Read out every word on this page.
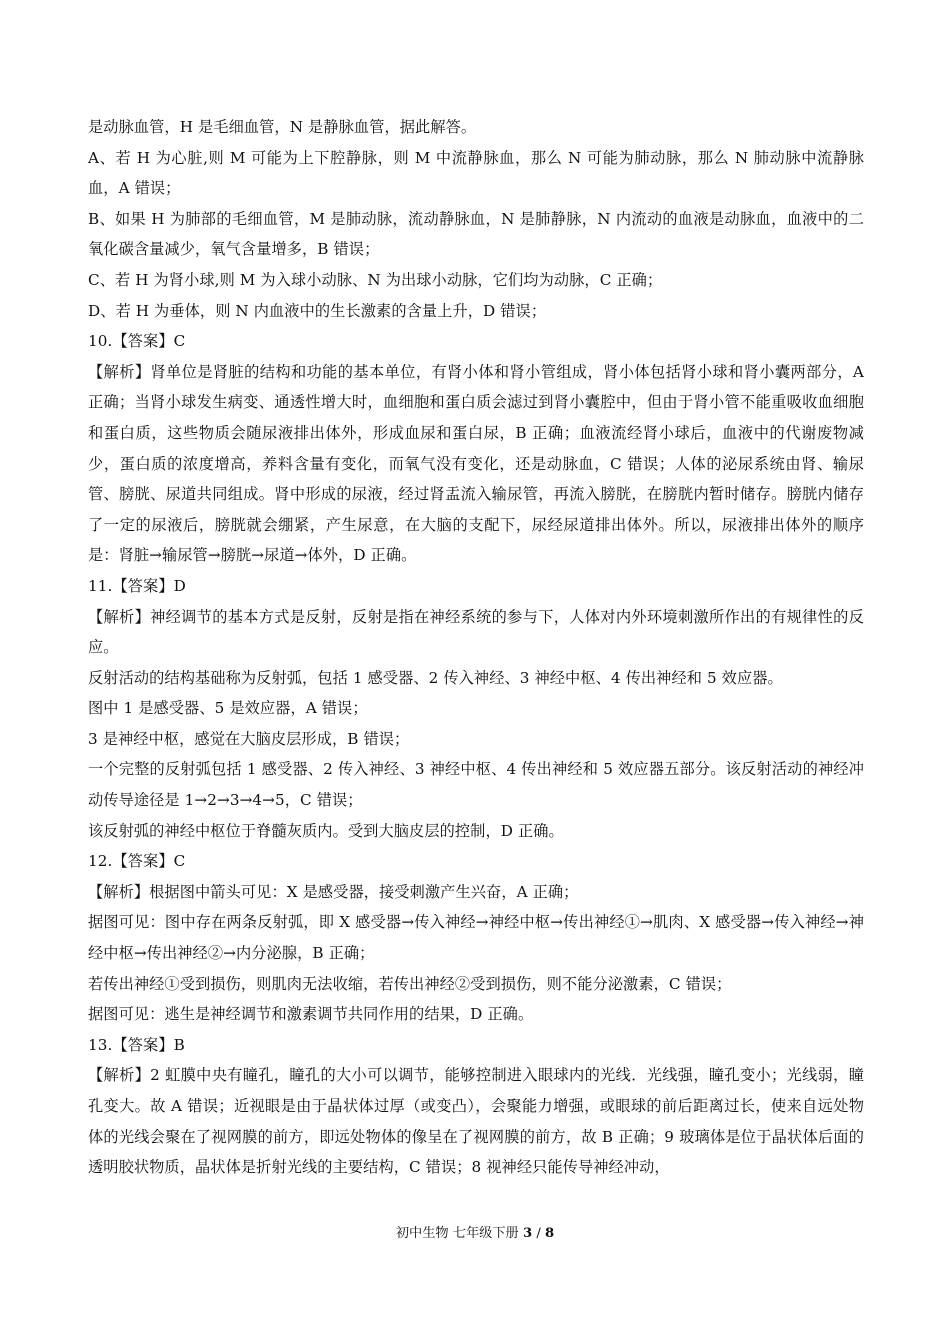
是动脉血管，H 是毛细血管，N 是静脉血管，据此解答。

A、若 H 为心脏,则 M 可能为上下腔静脉，则 M 中流静脉血，那么 N 可能为肺动脉，那么 N 肺动脉中流静脉血，A 错误；

B、如果 H 为肺部的毛细血管，M 是肺动脉，流动静脉血，N 是肺静脉，N 内流动的血液是动脉血，血液中的二氧化碳含量减少，氧气含量增多，B 错误；

C、若 H 为肾小球,则 M 为入球小动脉、N 为出球小动脉，它们均为动脉，C 正确；

D、若 H 为垂体，则 N 内血液中的生长激素的含量上升，D 错误；

10.【答案】C

【解析】肾单位是肾脏的结构和功能的基本单位，有肾小体和肾小管组成，肾小体包括肾小球和肾小囊两部分，A 正确；当肾小球发生病变、通透性增大时，血细胞和蛋白质会滤过到肾小囊腔中，但由于肾小管不能重吸收血细胞和蛋白质，这些物质会随尿液排出体外，形成血尿和蛋白尿，B 正确；血液流经肾小球后，血液中的代谢废物减少，蛋白质的浓度增高，养料含量有变化，而氧气没有变化，还是动脉血，C 错误；人体的泌尿系统由肾、输尿管、膀胱、尿道共同组成。肾中形成的尿液，经过肾盂流入输尿管，再流入膀胱，在膀胱内暂时储存。膀胱内储存了一定的尿液后，膀胱就会绷紧，产生尿意，在大脑的支配下，尿经尿道排出体外。所以，尿液排出体外的顺序是：肾脏→输尿管→膀胱→尿道→体外，D 正确。

11.【答案】D

【解析】神经调节的基本方式是反射，反射是指在神经系统的参与下，人体对内外环境刺激所作出的有规律性的反应。

反射活动的结构基础称为反射弧，包括 1 感受器、2 传入神经、3 神经中枢、4 传出神经和 5 效应器。

图中 1 是感受器、5 是效应器，A 错误；

3 是神经中枢，感觉在大脑皮层形成，B 错误；

一个完整的反射弧包括 1 感受器、2 传入神经、3 神经中枢、4 传出神经和 5 效应器五部分。该反射活动的神经冲动传导途径是 1→2→3→4→5，C 错误；

该反射弧的神经中枢位于脊髓灰质内。受到大脑皮层的控制，D 正确。

12.【答案】C

【解析】根据图中箭头可见：X 是感受器，接受刺激产生兴奋，A 正确；

据图可见：图中存在两条反射弧，即 X 感受器→传入神经→神经中枢→传出神经①→肌肉、X 感受器→传入神经→神经中枢→传出神经②→内分泌腺，B 正确；

若传出神经①受到损伤，则肌肉无法收缩，若传出神经②受到损伤，则不能分泌激素，C 错误；

据图可见：逃生是神经调节和激素调节共同作用的结果，D 正确。

13.【答案】B

【解析】2 虹膜中央有瞳孔，瞳孔的大小可以调节，能够控制进入眼球内的光线．光线强，瞳孔变小；光线弱，瞳孔变大。故 A 错误；近视眼是由于晶状体过厚（或变凸），会聚能力增强，或眼球的前后距离过长，使来自远处物体的光线会聚在了视网膜的前方，即远处物体的像呈在了视网膜的前方，故 B 正确；9 玻璃体是位于晶状体后面的透明胶状物质，晶状体是折射光线的主要结构，C 错误；8 视神经只能传导神经冲动，

初中生物 七年级下册 3 / 8
